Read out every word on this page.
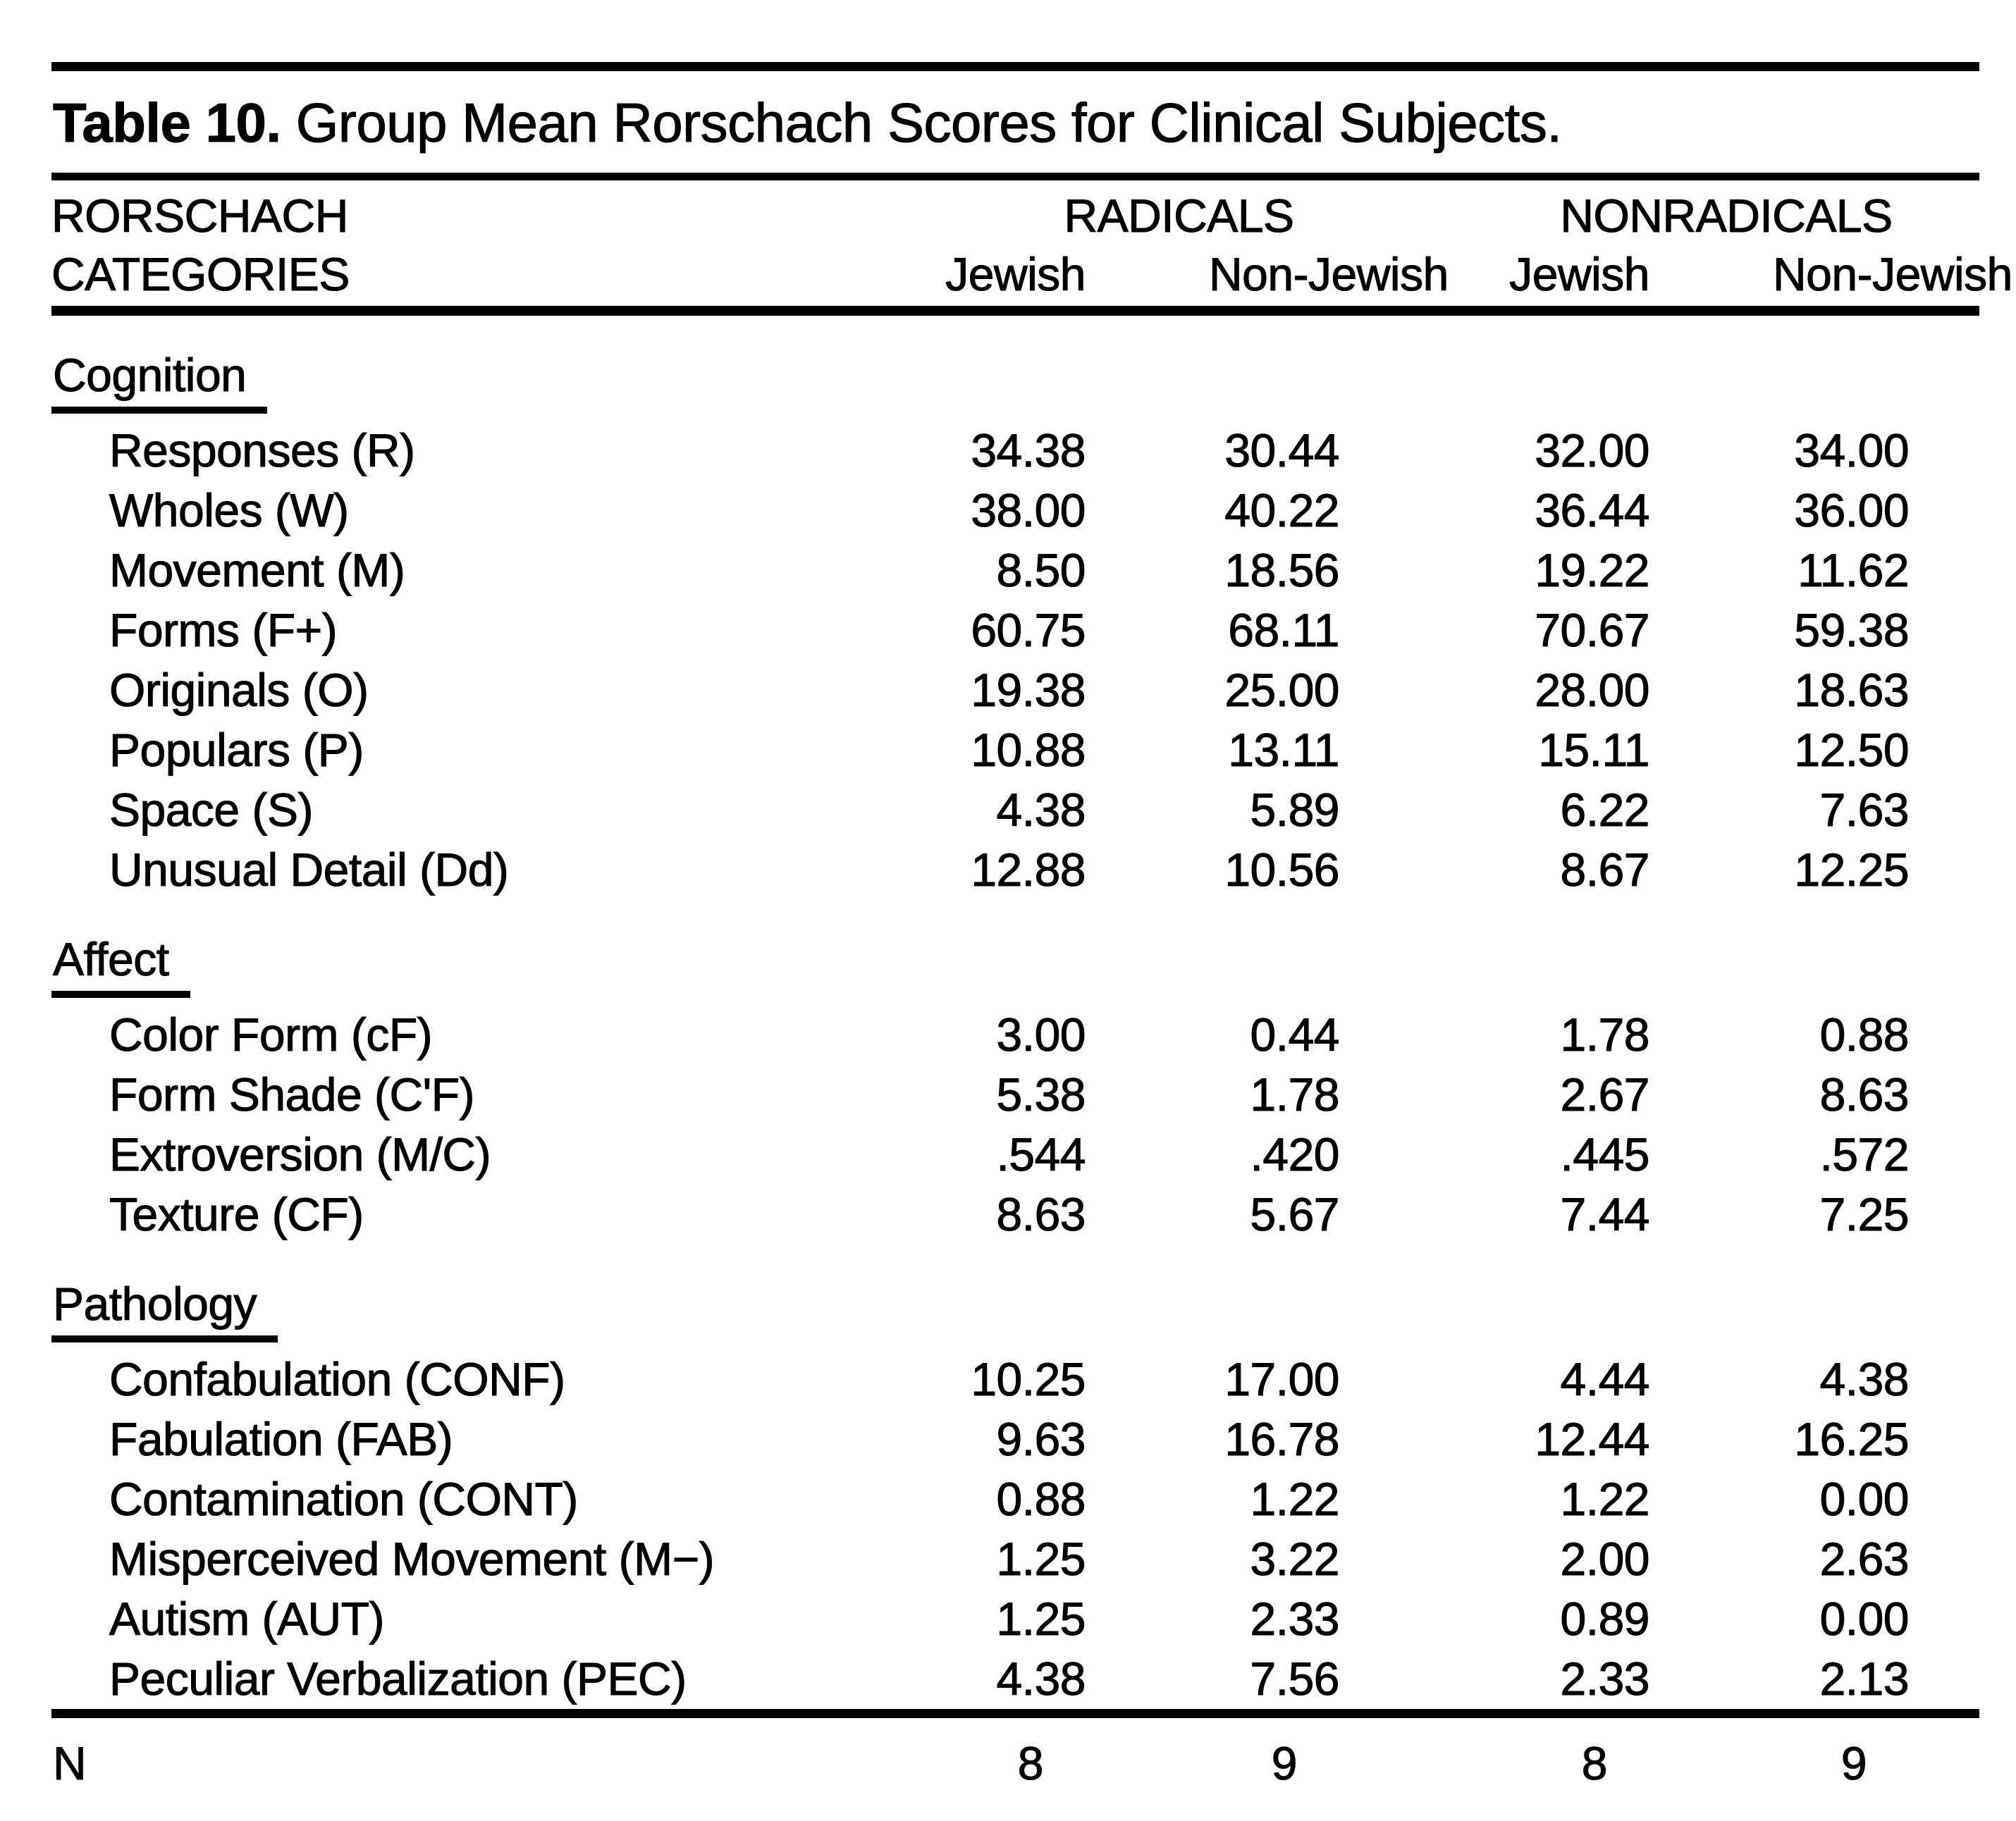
Table 10. Group Mean Rorschach Scores for Clinical Subjects.
RORSCHACH	RADICALS	NONRADICALS
CATEGORIES	Jewish	Non-Jewish	Jewish	Non-Jewish
Cognition
Responses (R)	34.38	30.44	32.00	34.00
Wholes (W)	38.00	40.22	36.44	36.00
Movement (M)	8.50	18.56	19.22	11.62
Forms (F+)	60.75	68.11	70.67	59.38
Originals (O)	19.38	25.00	28.00	18.63
Populars (P)	10.88	13.11	15.11	12.50
Space (S)	4.38	5.89	6.22	7.63
Unusual Detail (Dd)	12.88	10.56	8.67	12.25
Affect
Color Form (cF)	3.00	0.44	1.78	0.88
Form Shade (C'F)	5.38	1.78	2.67	8.63
Extroversion (M/C)	.544	.420	.445	.572
Texture (CF)	8.63	5.67	7.44	7.25
Pathology
Confabulation (CONF)	10.25	17.00	4.44	4.38
Fabulation (FAB)	9.63	16.78	12.44	16.25
Contamination (CONT)	0.88	1.22	1.22	0.00
Misperceived Movement (M−)	1.25	3.22	2.00	2.63
Autism (AUT)	1.25	2.33	0.89	0.00
Peculiar Verbalization (PEC)	4.38	7.56	2.33	2.13
N	8	9	8	9
